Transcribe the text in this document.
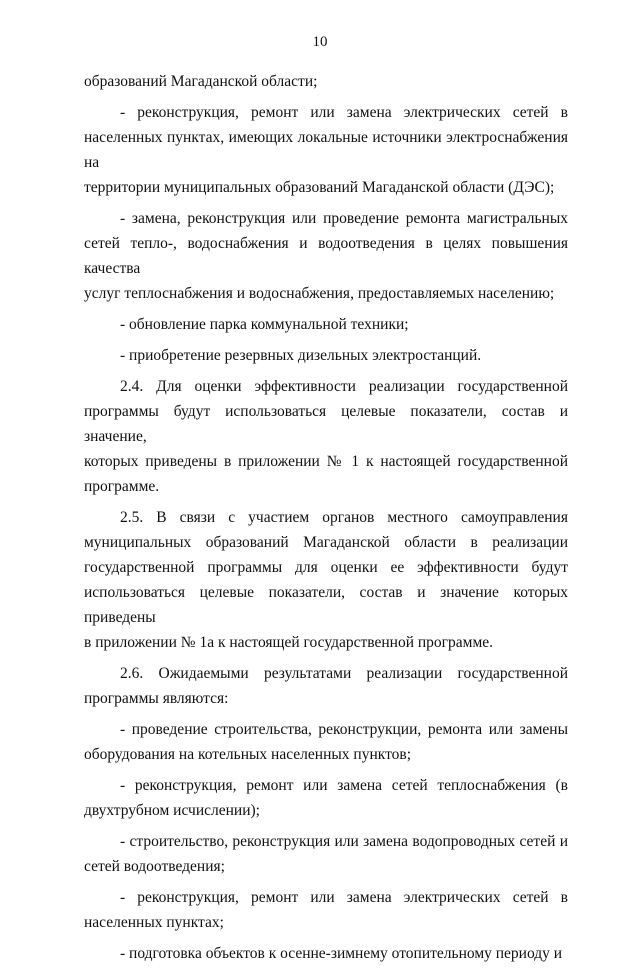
10
образований Магаданской области;
- реконструкция, ремонт или замена электрических сетей в
населенных пунктах, имеющих локальные источники электроснабжения на
территории муниципальных образований Магаданской области (ДЭС);
- замена, реконструкция или проведение ремонта магистральных
сетей тепло-, водоснабжения и водоотведения в целях повышения качества
услуг теплоснабжения и водоснабжения, предоставляемых населению;
- обновление парка коммунальной техники;
- приобретение резервных дизельных электростанций.
2.4. Для оценки эффективности реализации государственной
программы будут использоваться целевые показатели, состав и значение,
которых приведены в приложении № 1 к настоящей государственной
программе.
2.5. В связи с участием органов местного самоуправления
муниципальных образований Магаданской области в реализации
государственной программы для оценки ее эффективности будут
использоваться целевые показатели, состав и значение которых приведены
в приложении № 1а к настоящей государственной программе.
2.6. Ожидаемыми результатами реализации государственной
программы являются:
- проведение строительства, реконструкции, ремонта или замены
оборудования на котельных населенных пунктов;
- реконструкция, ремонт или замена сетей теплоснабжения (в
двухтрубном исчислении);
- строительство, реконструкция или замена водопроводных сетей и
сетей водоотведения;
- реконструкция, ремонт или замена электрических сетей в
населенных пунктах;
- подготовка объектов к осенне-зимнему отопительному периоду и
